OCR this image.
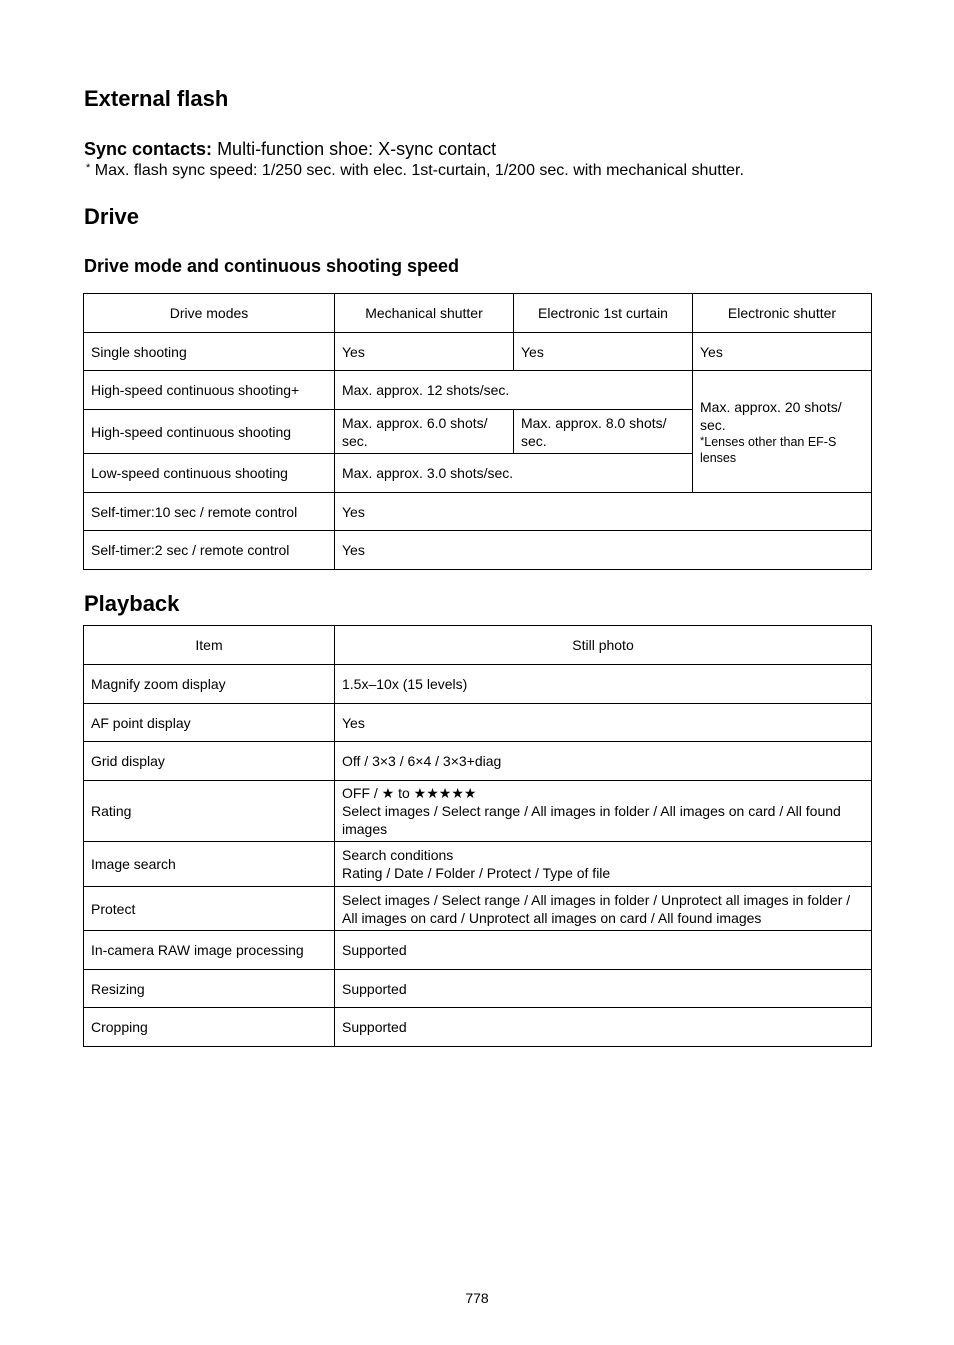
External flash
Sync contacts: Multi-function shoe: X-sync contact
* Max. flash sync speed: 1/250 sec. with elec. 1st-curtain, 1/200 sec. with mechanical shutter.
Drive
Drive mode and continuous shooting speed
Drive modes	Mechanical shutter	Electronic 1st curtain	Electronic shutter
Single shooting	Yes	Yes	Yes
High-speed continuous shooting+	Max. approx. 12 shots/sec.		Max. approx. 20 shots/ sec.
*Lenses other than EF-S lenses

High-speed continuous shooting	Max. approx. 6.0 shots/ sec.	Max. approx. 8.0 shots/ sec.	
Low-speed continuous shooting	Max. approx. 3.0 shots/sec.		
Self-timer:10 sec / remote control	Yes		
Self-timer:2 sec / remote control	Yes		
Playback
Item	Still photo
Magnify zoom display	1.5x–10x (15 levels)
AF point display	Yes
Grid display	Off / 3×3 / 6×4 / 3×3+diag
Rating	OFF / ★ to ★★★★★
Select images / Select range / All images in folder / All images on card / All found images

Image search	Search conditions
Rating / Date / Folder / Protect / Type of file

Protect	Select images / Select range / All images in folder / Unprotect all images in folder / All images on card / Unprotect all images on card / All found images
In-camera RAW image processing	Supported
Resizing	Supported
Cropping	Supported
778
